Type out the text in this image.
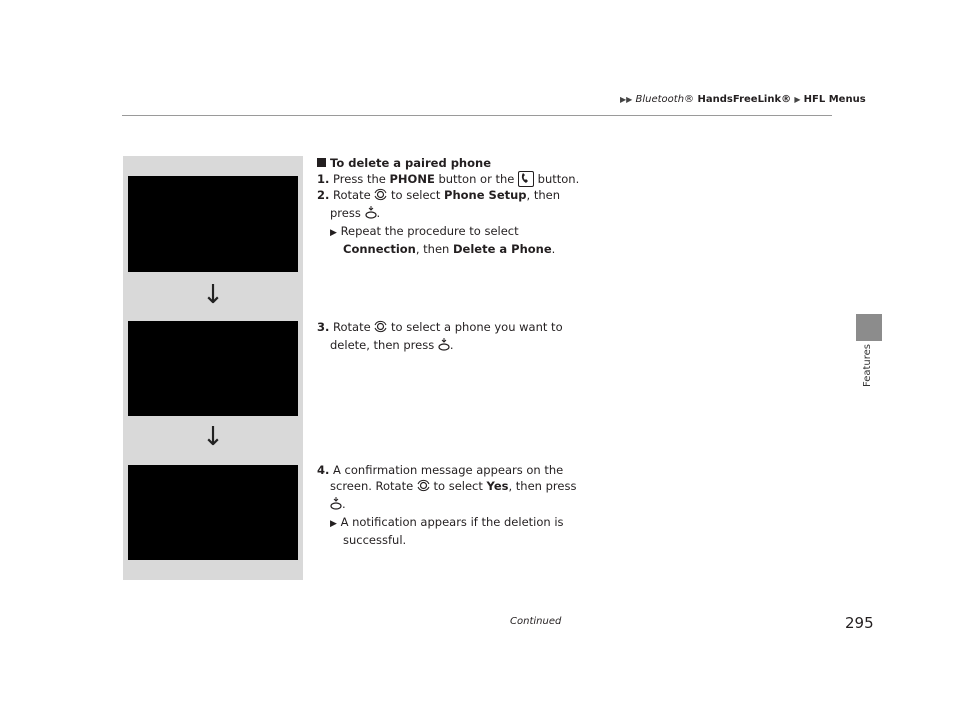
▶▶ Bluetooth® HandsFreeLink® ▶ HFL Menus
Features
↓
↓
To delete a paired phone
1. Press the PHONE button or the  button.
2. Rotate  to select Phone Setup, then
press .
▶ Repeat the procedure to select
Connection, then Delete a Phone.
3. Rotate  to select a phone you want to
delete, then press .
4. A confirmation message appears on the
screen. Rotate  to select Yes, then press
.
▶ A notification appears if the deletion is
successful.
Continued	295
